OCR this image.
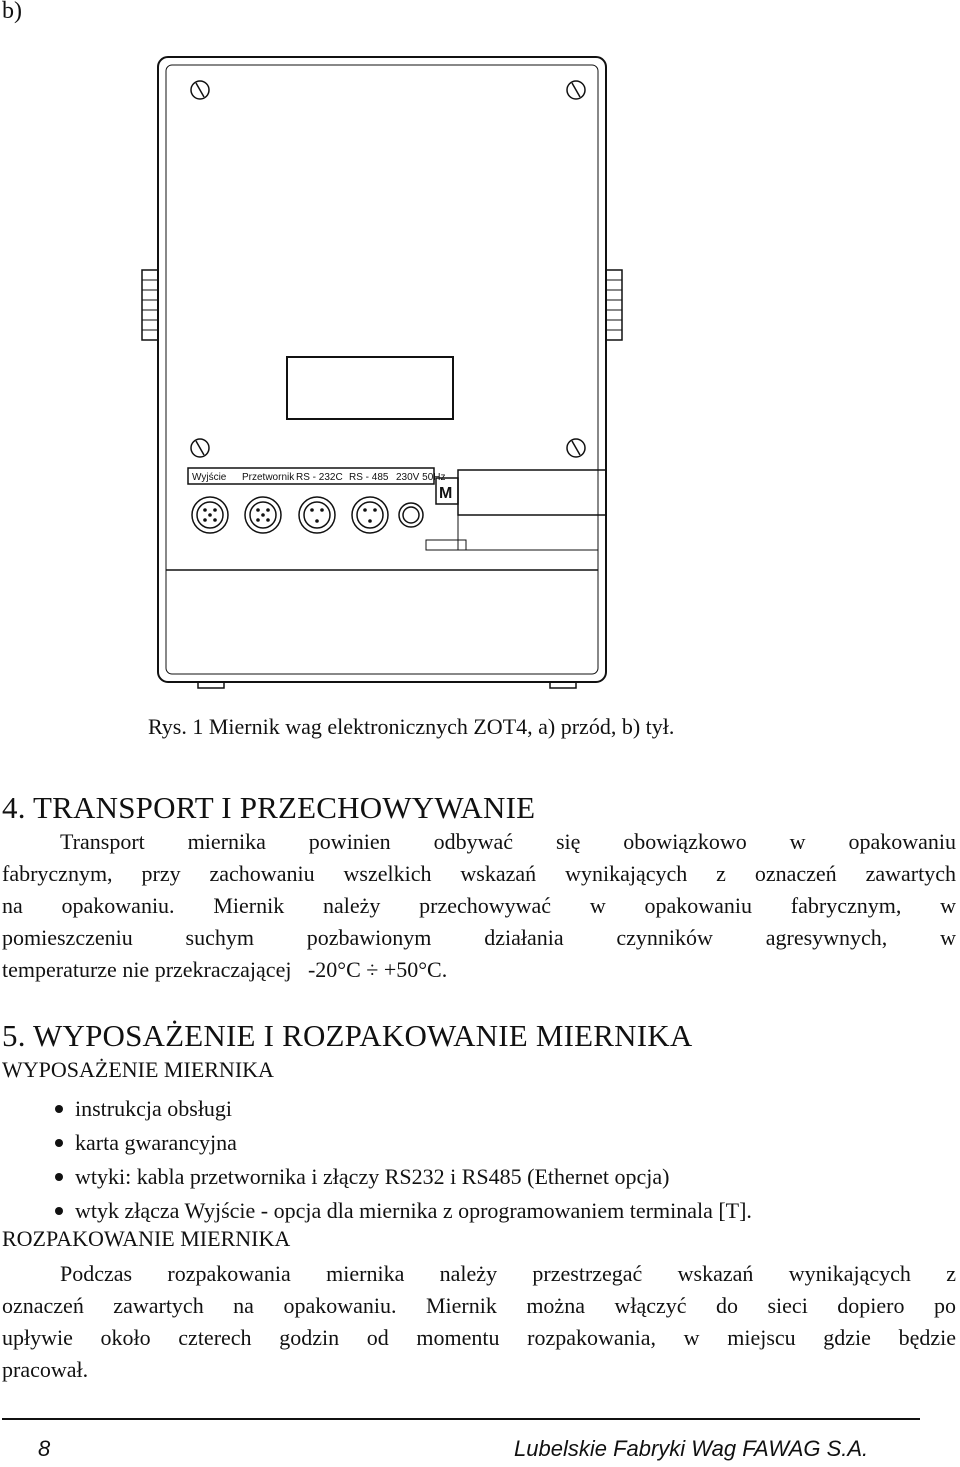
b)
Wyjście Przetwornik RS - 232C RS - 485 230V 50Hz
M
Rys. 1 Miernik wag elektronicznych ZOT4, a) przód, b) tył.
4. TRANSPORT I PRZECHOWYWANIE
Transport miernika powinien odbywać się obowiązkowo w opakowaniu
fabrycznym, przy zachowaniu wszelkich wskazań wynikających z oznaczeń zawartych
na opakowaniu. Miernik należy przechowywać w opakowaniu fabrycznym, w
pomieszczeniu suchym pozbawionym działania czynników agresywnych, w
temperaturze nie przekraczającej   -20°C ÷ +50°C.
5. WYPOSAŻENIE I ROZPAKOWANIE MIERNIKA
WYPOSAŻENIE MIERNIKA
instrukcja obsługi
karta gwarancyjna
wtyki: kabla przetwornika i złączy RS232 i RS485 (Ethernet opcja)
wtyk złącza Wyjście - opcja dla miernika z oprogramowaniem terminala [T].
ROZPAKOWANIE MIERNIKA
Podczas rozpakowania miernika należy przestrzegać wskazań wynikających z
oznaczeń zawartych na opakowaniu. Miernik można włączyć do sieci dopiero po
upływie około czterech godzin od momentu rozpakowania, w miejscu gdzie będzie
pracował.
8	Lubelskie Fabryki Wag FAWAG S.A.
